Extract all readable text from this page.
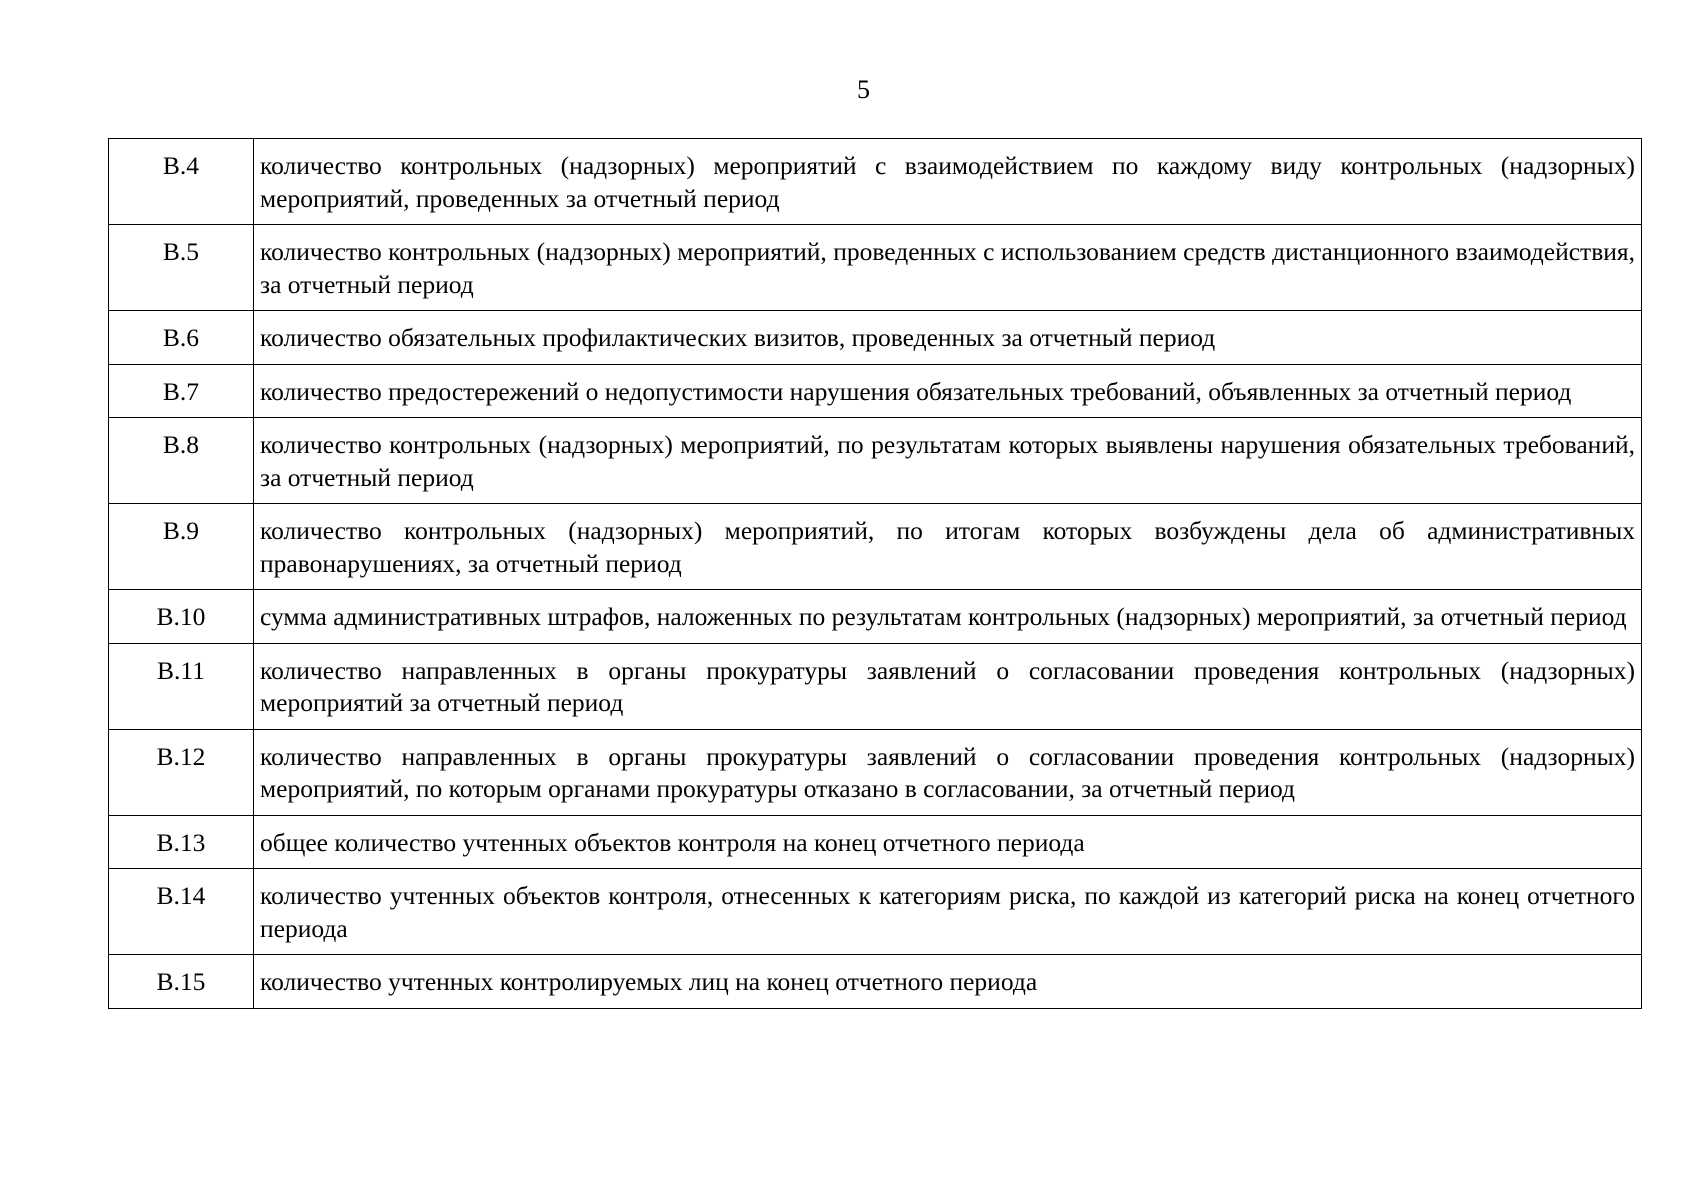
5
В.4	количество контрольных (надзорных) мероприятий с взаимодействием по каждому виду контрольных (надзорных) мероприятий, проведенных за отчетный период
В.5	количество контрольных (надзорных) мероприятий, проведенных с использованием средств дистанционного взаимодействия, за отчетный период
В.6	количество обязательных профилактических визитов, проведенных за отчетный период
В.7	количество предостережений о недопустимости нарушения обязательных требований, объявленных за отчетный период
В.8	количество контрольных (надзорных) мероприятий, по результатам которых выявлены нарушения обязательных требований, за отчетный период
В.9	количество контрольных (надзорных) мероприятий, по итогам которых возбуждены дела об административных правонарушениях, за отчетный период
В.10	сумма административных штрафов, наложенных по результатам контрольных (надзорных) мероприятий, за отчетный период
В.11	количество направленных в органы прокуратуры заявлений о согласовании проведения контрольных (надзорных) мероприятий за отчетный период
В.12	количество направленных в органы прокуратуры заявлений о согласовании проведения контрольных (надзорных) мероприятий, по которым органами прокуратуры отказано в согласовании, за отчетный период
В.13	общее количество учтенных объектов контроля на конец отчетного периода
В.14	количество учтенных объектов контроля, отнесенных к категориям риска, по каждой из категорий риска на конец отчетного периода
В.15	количество учтенных контролируемых лиц на конец отчетного периода
